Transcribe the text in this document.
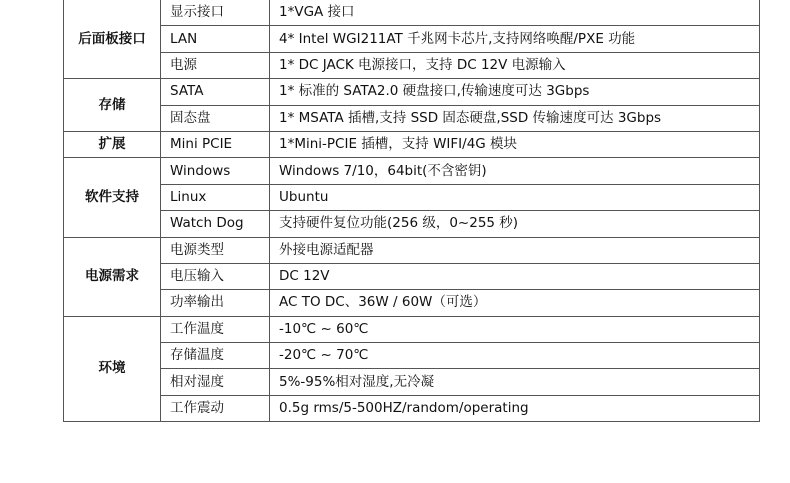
后面板接口	显示接口	1*VGA 接口
	LAN	4* Intel WGI211AT 千兆网卡芯片,支持网络唤醒/PXE 功能
	电源	1* DC JACK 电源接口，支持 DC 12V 电源输入
存储	SATA	1* 标准的 SATA2.0 硬盘接口,传输速度可达 3Gbps
	固态盘	1* MSATA 插槽,支持 SSD 固态硬盘,SSD 传输速度可达 3Gbps
扩展	Mini PCIE	1*Mini-PCIE 插槽，支持 WIFI/4G 模块
软件支持	Windows	Windows 7/10，64bit(不含密钥)
	Linux	Ubuntu
	Watch Dog	支持硬件复位功能(256 级，0~255 秒)
电源需求	电源类型	外接电源适配器
	电压输入	DC 12V
	功率输出	AC TO DC、36W / 60W（可选）
环境	工作温度	-10℃ ~ 60℃
	存储温度	-20℃ ~ 70℃
	相对湿度	5%-95%相对湿度,无冷凝
	工作震动	0.5g rms/5-500HZ/random/operating
